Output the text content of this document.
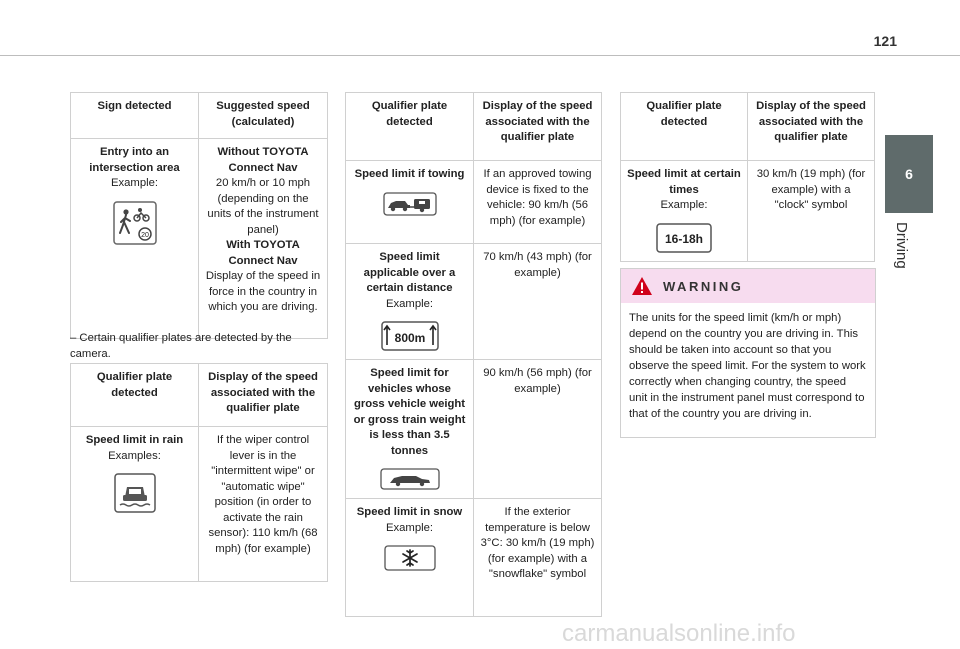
121
6
Driving
Sign detected	Suggested speed (calculated)

Entry into an intersection area
Example:
20	Without TOYOTA Connect Nav
20 km/h or 10 mph (depending on the units of the instrument panel)
With TOYOTA Connect Nav
Display of the speed in force in the country in which you are driving.
– Certain qualifier plates are detected by the camera.
Qualifier plate detected	Display of the speed associated with the qualifier plate

Speed limit in rain
Examples:	If the wiper control lever is in the "intermittent wipe" or "automatic wipe" position (in order to activate the rain sensor): 110 km/h (68 mph) (for example)
Qualifier plate detected	Display of the speed associated with the qualifier plate

Speed limit if towing	If an approved towing device is fixed to the vehicle: 90 km/h (56 mph) (for example)

Speed limit applicable over a certain distance
Example:
800m	70 km/h (43 mph) (for example)

Speed limit for vehicles whose gross vehicle weight or gross train weight is less than 3.5 tonnes	90 km/h (56 mph) (for example)

Speed limit in snow
Example:	If the exterior temperature is below 3°C: 30 km/h (19 mph) (for example) with a "snowflake" symbol
Qualifier plate detected	Display of the speed associated with the qualifier plate

Speed limit at certain times
Example:
16-18h	30 km/h (19 mph) (for example) with a "clock" symbol
WARNING
The units for the speed limit (km/h or mph) depend on the country you are driving in. This should be taken into account so that you observe the speed limit. For the system to work correctly when changing country, the speed unit in the instrument panel must correspond to that of the country you are driving in.
carmanualsonline.info
